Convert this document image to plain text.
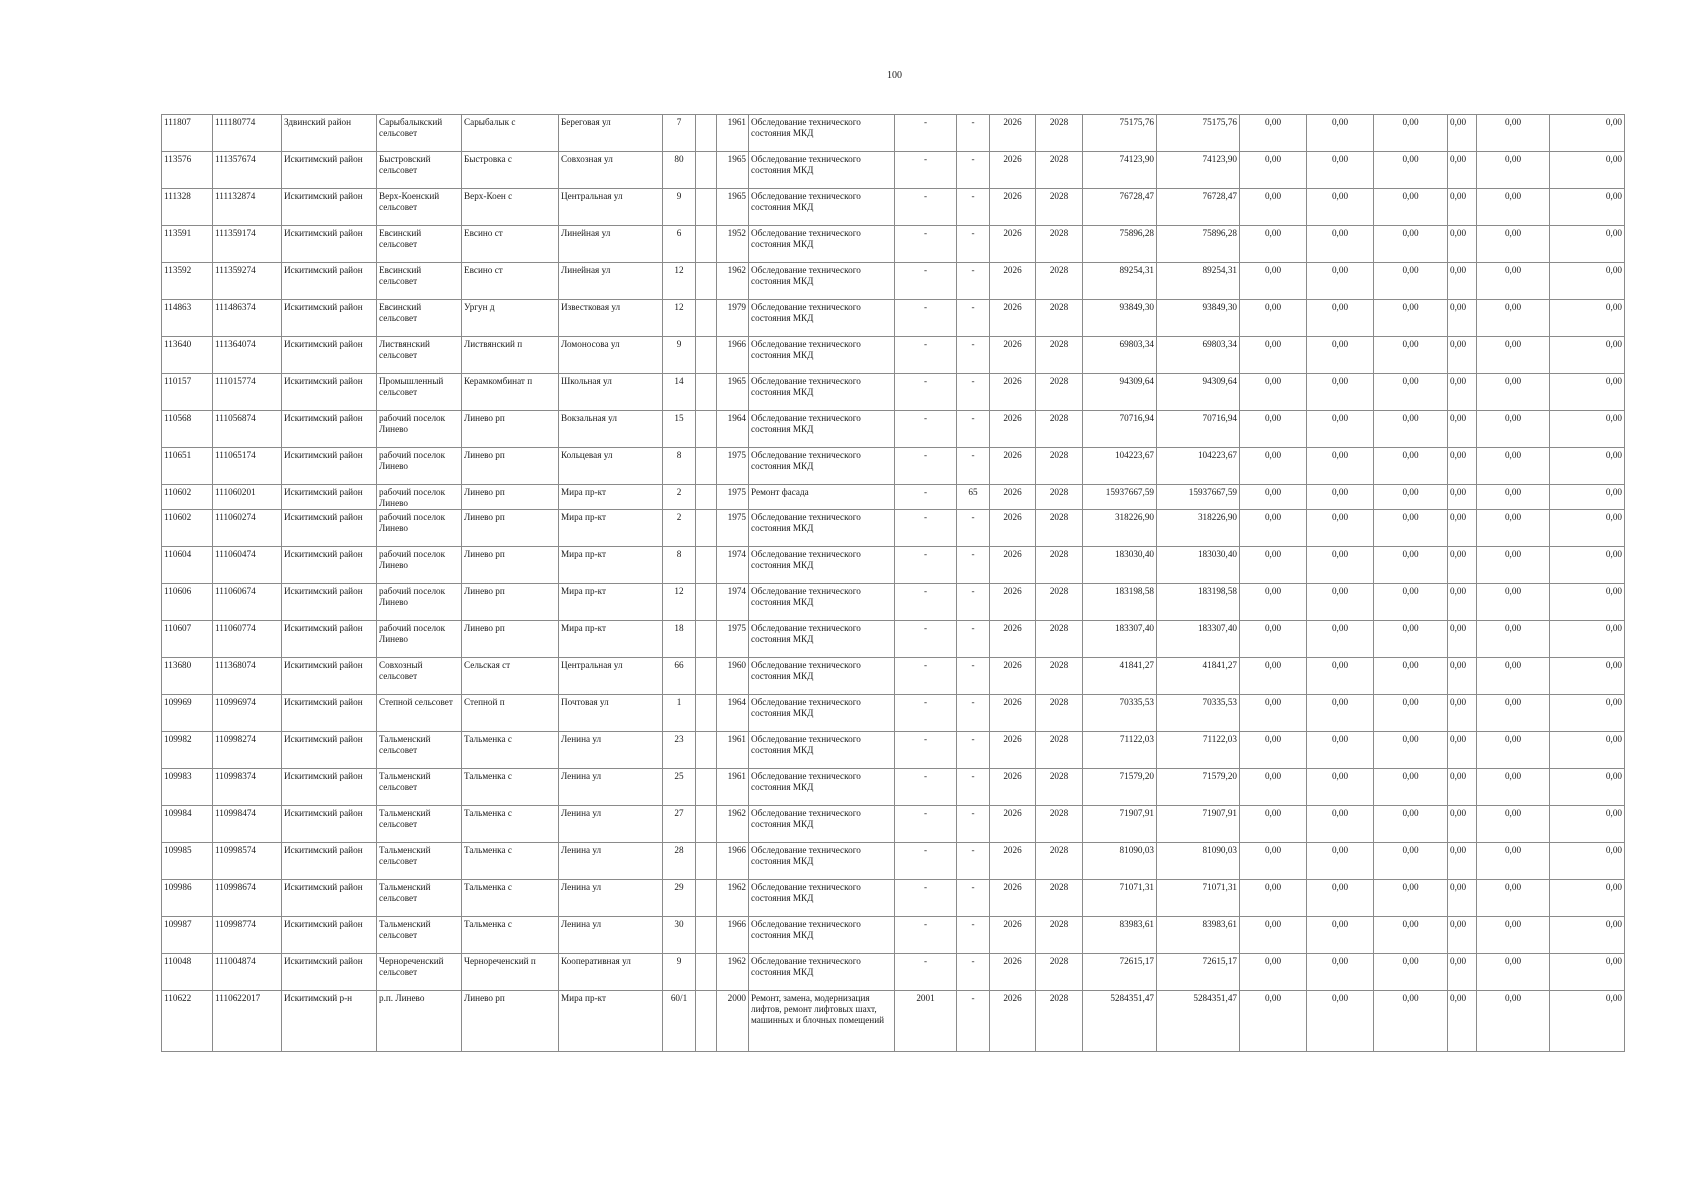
100
111807	111180774	Здвинский район	Сарыбалыкский сельсовет	Сарыбалык с	Береговая ул	7		1961	Обследование технического состояния МКД	-	-	2026	2028	75175,76	75175,76	0,00	0,00	0,00	0,00	0,00	0,00
113576	111357674	Искитимский район	Быстровский сельсовет	Быстровка с	Совхозная ул	80		1965	Обследование технического состояния МКД	-	-	2026	2028	74123,90	74123,90	0,00	0,00	0,00	0,00	0,00	0,00
111328	111132874	Искитимский район	Верх-Коенский сельсовет	Верх-Коен с	Центральная ул	9		1965	Обследование технического состояния МКД	-	-	2026	2028	76728,47	76728,47	0,00	0,00	0,00	0,00	0,00	0,00
113591	111359174	Искитимский район	Евсинский сельсовет	Евсино ст	Линейная ул	6		1952	Обследование технического состояния МКД	-	-	2026	2028	75896,28	75896,28	0,00	0,00	0,00	0,00	0,00	0,00
113592	111359274	Искитимский район	Евсинский сельсовет	Евсино ст	Линейная ул	12		1962	Обследование технического состояния МКД	-	-	2026	2028	89254,31	89254,31	0,00	0,00	0,00	0,00	0,00	0,00
114863	111486374	Искитимский район	Евсинский сельсовет	Ургун д	Известковая ул	12		1979	Обследование технического состояния МКД	-	-	2026	2028	93849,30	93849,30	0,00	0,00	0,00	0,00	0,00	0,00
113640	111364074	Искитимский район	Листвянский сельсовет	Листвянский п	Ломоносова ул	9		1966	Обследование технического состояния МКД	-	-	2026	2028	69803,34	69803,34	0,00	0,00	0,00	0,00	0,00	0,00
110157	111015774	Искитимский район	Промышленный сельсовет	Керамкомбинат п	Школьная ул	14		1965	Обследование технического состояния МКД	-	-	2026	2028	94309,64	94309,64	0,00	0,00	0,00	0,00	0,00	0,00
110568	111056874	Искитимский район	рабочий поселок Линево	Линево рп	Вокзальная ул	15		1964	Обследование технического состояния МКД	-	-	2026	2028	70716,94	70716,94	0,00	0,00	0,00	0,00	0,00	0,00
110651	111065174	Искитимский район	рабочий поселок Линево	Линево рп	Кольцевая ул	8		1975	Обследование технического состояния МКД	-	-	2026	2028	104223,67	104223,67	0,00	0,00	0,00	0,00	0,00	0,00
110602	111060201	Искитимский район	рабочий поселок Линево	Линево рп	Мира пр-кт	2		1975	Ремонт фасада	-	65	2026	2028	15937667,59	15937667,59	0,00	0,00	0,00	0,00	0,00	0,00
110602	111060274	Искитимский район	рабочий поселок Линево	Линево рп	Мира пр-кт	2		1975	Обследование технического состояния МКД	-	-	2026	2028	318226,90	318226,90	0,00	0,00	0,00	0,00	0,00	0,00
110604	111060474	Искитимский район	рабочий поселок Линево	Линево рп	Мира пр-кт	8		1974	Обследование технического состояния МКД	-	-	2026	2028	183030,40	183030,40	0,00	0,00	0,00	0,00	0,00	0,00
110606	111060674	Искитимский район	рабочий поселок Линево	Линево рп	Мира пр-кт	12		1974	Обследование технического состояния МКД	-	-	2026	2028	183198,58	183198,58	0,00	0,00	0,00	0,00	0,00	0,00
110607	111060774	Искитимский район	рабочий поселок Линево	Линево рп	Мира пр-кт	18		1975	Обследование технического состояния МКД	-	-	2026	2028	183307,40	183307,40	0,00	0,00	0,00	0,00	0,00	0,00
113680	111368074	Искитимский район	Совхозный сельсовет	Сельская ст	Центральная ул	66		1960	Обследование технического состояния МКД	-	-	2026	2028	41841,27	41841,27	0,00	0,00	0,00	0,00	0,00	0,00
109969	110996974	Искитимский район	Степной сельсовет	Степной п	Почтовая ул	1		1964	Обследование технического состояния МКД	-	-	2026	2028	70335,53	70335,53	0,00	0,00	0,00	0,00	0,00	0,00
109982	110998274	Искитимский район	Тальменский сельсовет	Тальменка с	Ленина ул	23		1961	Обследование технического состояния МКД	-	-	2026	2028	71122,03	71122,03	0,00	0,00	0,00	0,00	0,00	0,00
109983	110998374	Искитимский район	Тальменский сельсовет	Тальменка с	Ленина ул	25		1961	Обследование технического состояния МКД	-	-	2026	2028	71579,20	71579,20	0,00	0,00	0,00	0,00	0,00	0,00
109984	110998474	Искитимский район	Тальменский сельсовет	Тальменка с	Ленина ул	27		1962	Обследование технического состояния МКД	-	-	2026	2028	71907,91	71907,91	0,00	0,00	0,00	0,00	0,00	0,00
109985	110998574	Искитимский район	Тальменский сельсовет	Тальменка с	Ленина ул	28		1966	Обследование технического состояния МКД	-	-	2026	2028	81090,03	81090,03	0,00	0,00	0,00	0,00	0,00	0,00
109986	110998674	Искитимский район	Тальменский сельсовет	Тальменка с	Ленина ул	29		1962	Обследование технического состояния МКД	-	-	2026	2028	71071,31	71071,31	0,00	0,00	0,00	0,00	0,00	0,00
109987	110998774	Искитимский район	Тальменский сельсовет	Тальменка с	Ленина ул	30		1966	Обследование технического состояния МКД	-	-	2026	2028	83983,61	83983,61	0,00	0,00	0,00	0,00	0,00	0,00
110048	111004874	Искитимский район	Чернореченский сельсовет	Чернореченский п	Кооперативная ул	9		1962	Обследование технического состояния МКД	-	-	2026	2028	72615,17	72615,17	0,00	0,00	0,00	0,00	0,00	0,00
110622	1110622017	Искитимский р-н	р.п. Линево	Линево рп	Мира пр-кт	60/1		2000	Ремонт, замена, модернизация лифтов, ремонт лифтовых шахт, машинных и блочных помещений	2001	-	2026	2028	5284351,47	5284351,47	0,00	0,00	0,00	0,00	0,00	0,00
